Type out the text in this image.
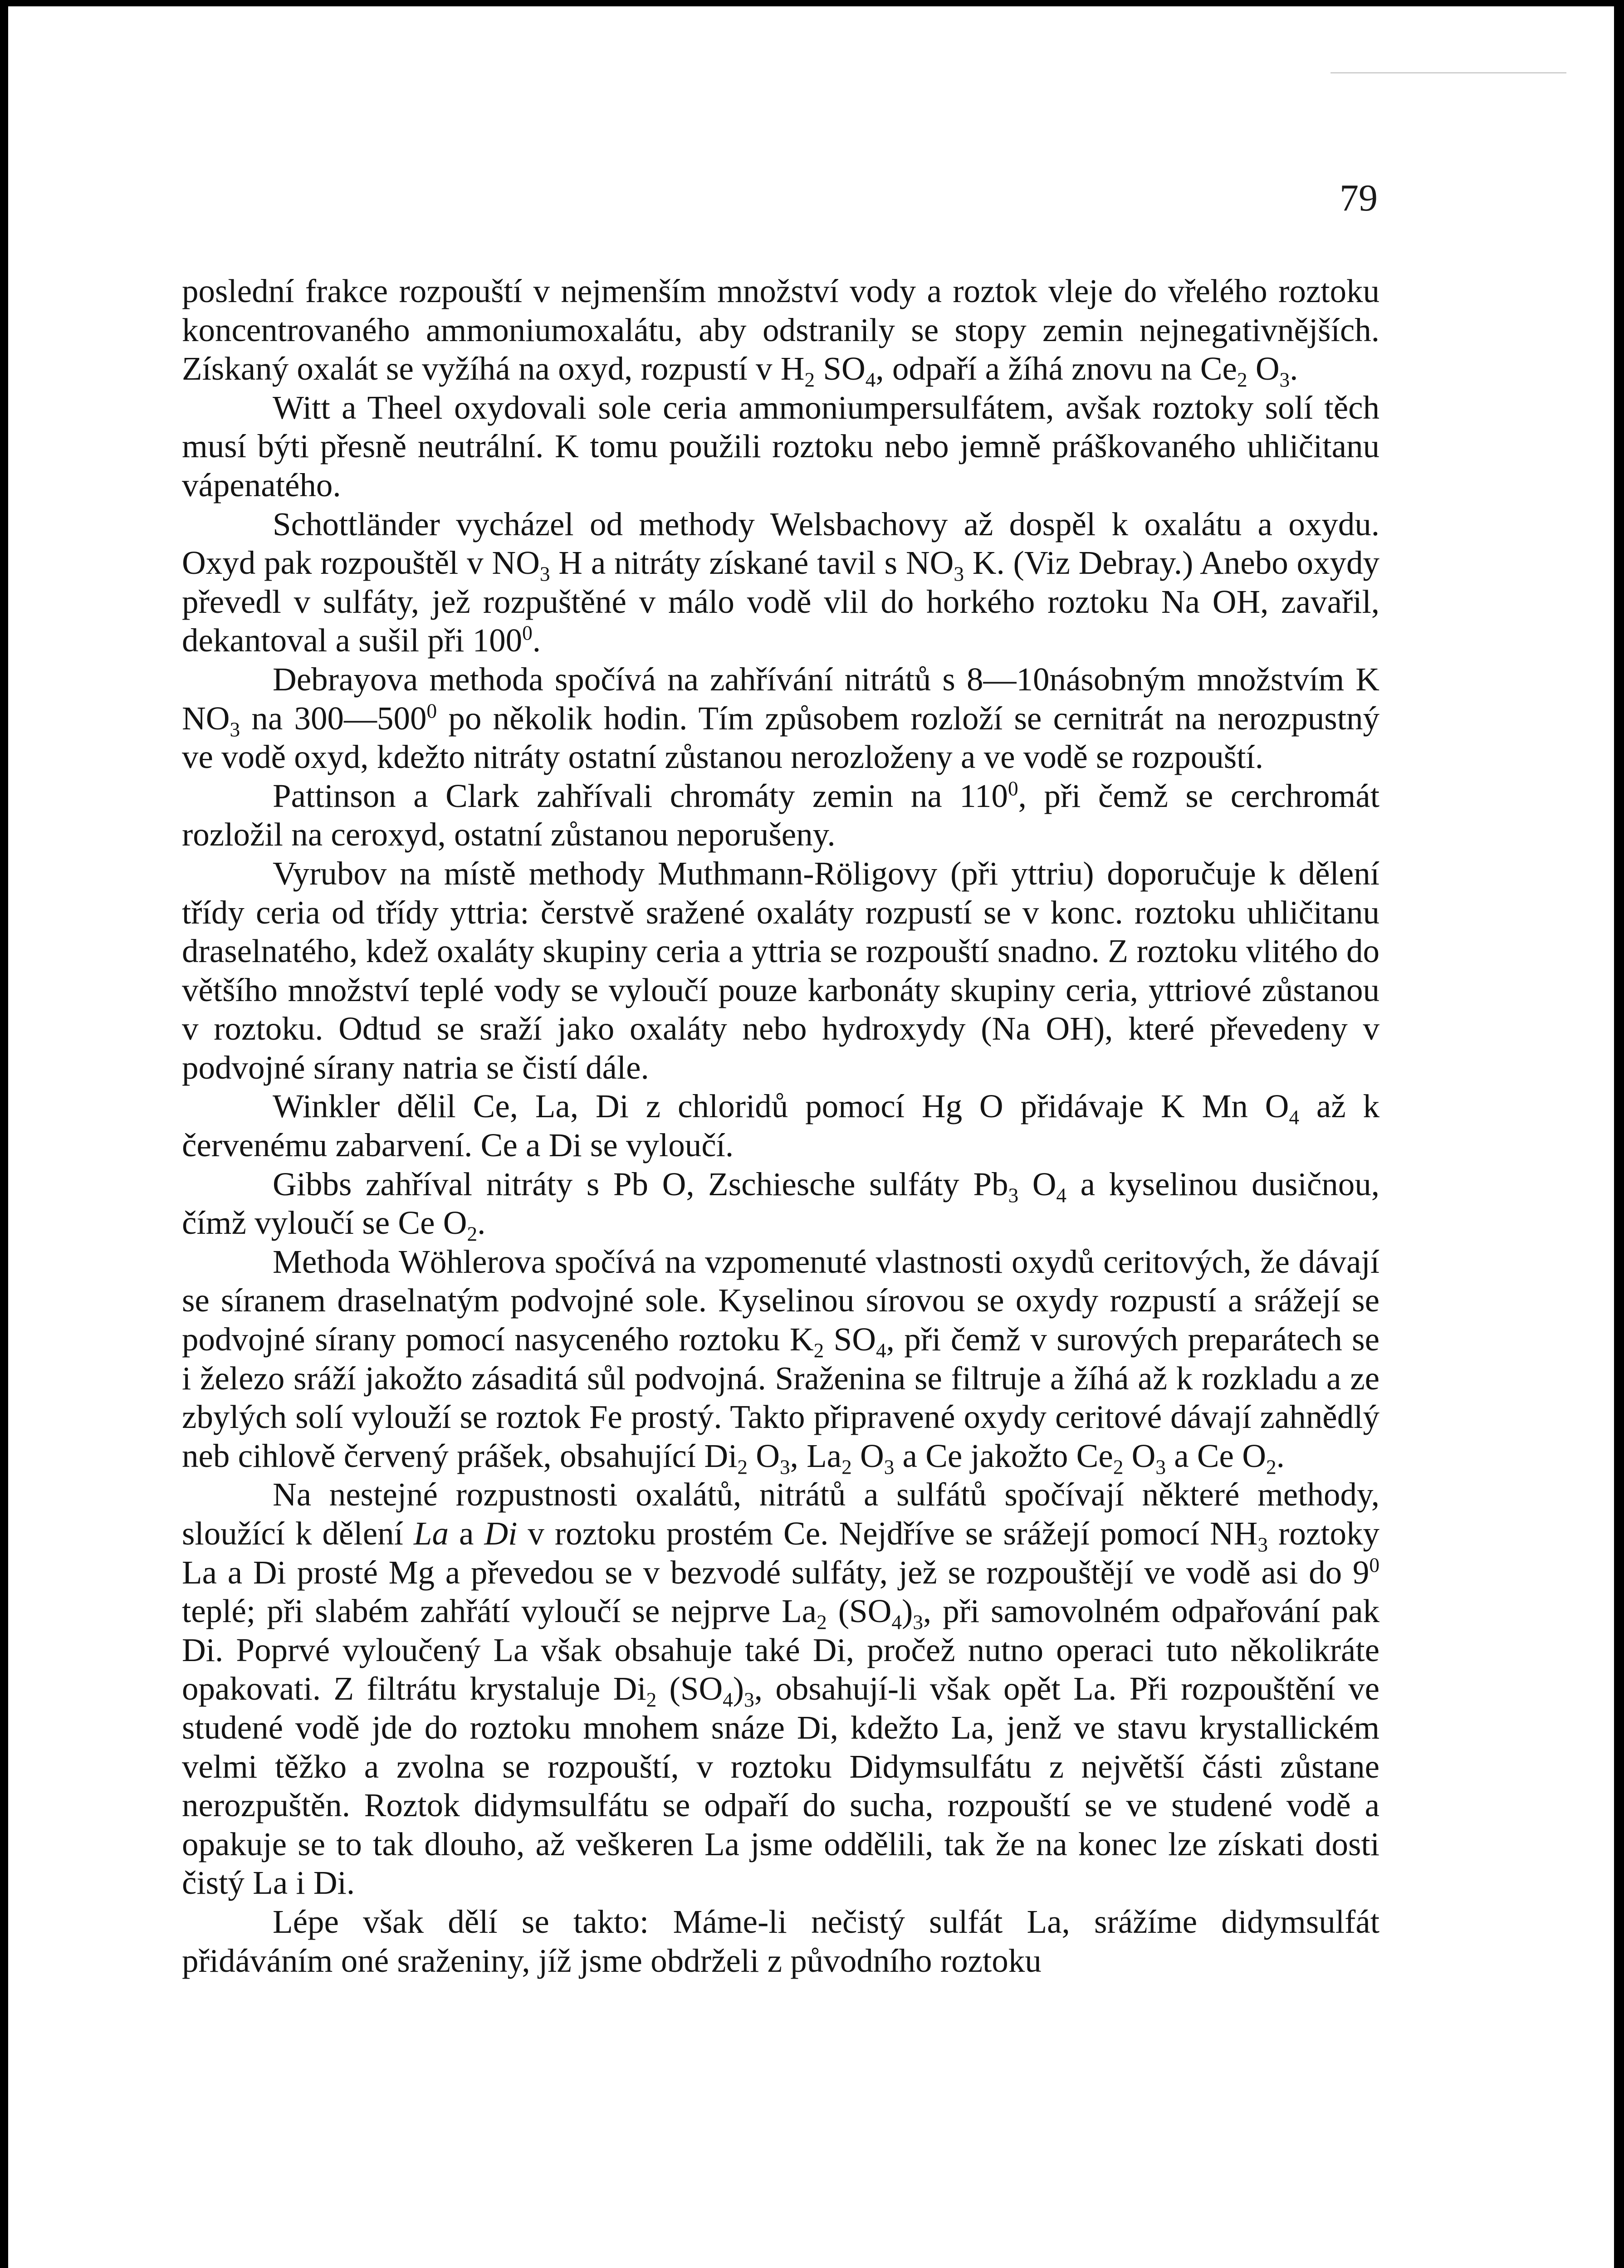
79

poslední frakce rozpouští v nejmenším množství vody a roztok vleje do vřelého roztoku koncentrovaného ammoniumoxalátu, aby odstranily se stopy zemin nejnegativnějších. Získaný oxalát se vyžíhá na oxyd, rozpustí v $H_2$ $SO_4$, odpaří a žíhá znovu na $Ce_2$ $O_3$.

Witt a Theel oxydovali sole ceria ammoniumpersulfátem, avšak roztoky solí těch musí býti přesně neutrální. K tomu použili roztoku nebo jemně práškovaného uhličitanu vápenatého.

Schottländer vycházel od methody Welsbachovy až dospěl k oxalátu a oxydu. Oxyd pak rozpouštěl v $NO_3$ H a nitráty získané tavil s $NO_3$ K. (Viz Debray.) Anebo oxydy převedl v sulfáty, jež rozpuštěné v málo vodě vlil do horkého roztoku Na OH, zavařil, dekantoval a sušil při $100^0$.

Debrayova methoda spočívá na zahřívání nitrátů s 8—10násobným množstvím K $NO_3$ na $300—500^0$ po několik hodin. Tím způsobem rozloží se cernitrát na nerozpustný ve vodě oxyd, kdežto nitráty ostatní zůstanou nerozloženy a ve vodě se rozpouští.

Pattinson a Clark zahřívali chromáty zemin na $110^0$, při čemž se cerchromát rozložil na ceroxyd, ostatní zůstanou neporušeny.

Vyrubov na místě methody Muthmann-Röligovy (při yttriu) doporučuje k dělení třídy ceria od třídy yttria: čerstvě sražené oxaláty rozpustí se v konc. roztoku uhličitanu draselnatého, kdež oxaláty skupiny ceria a yttria se rozpouští snadno. Z roztoku vlitého do většího množství teplé vody se vyloučí pouze karbonáty skupiny ceria, yttriové zůstanou v roztoku. Odtud se sraží jako oxaláty nebo hydroxydy (Na OH), které převedeny v podvojné sírany natria se čistí dále.

Winkler dělil Ce, La, Di z chloridů pomocí Hg O přidávaje K Mn $O_4$ až k červenému zabarvení. Ce a Di se vyloučí.

Gibbs zahříval nitráty s Pb O, Zschiesche sulfáty $Pb_3$ $O_4$ a kyselinou dusičnou, čímž vyloučí se Ce $O_2$.

Methoda Wöhlerova spočívá na vzpomenuté vlastnosti oxydů ceritových, že dávají se síranem draselnatým podvojné sole. Kyselinou sírovou se oxydy rozpustí a srážejí se podvojné sírany pomocí nasyceného roztoku $K_2$ $SO_4$, při čemž v surových preparátech se i železo sráží jakožto zásaditá sůl podvojná. Sraženina se filtruje a žíhá až k rozkladu a ze zbylých solí vylouží se roztok Fe prostý. Takto připravené oxydy ceritové dávají zahnědlý neb cihlově červený prášek, obsahující $Di_2$ $O_3$, $La_2$ $O_3$ a Ce jakožto $Ce_2$ $O_3$ a Ce $O_2$.

Na nestejné rozpustnosti oxalátů, nitrátů a sulfátů spočívají některé methody, sloužící k dělení La a Di v roztoku prostém Ce. Nejdříve se srážejí pomocí $NH_3$ roztoky La a Di prosté Mg a převedou se v bezvodé sulfáty, jež se rozpouštějí ve vodě asi do $9^0$ teplé; při slabém zahřátí vyloučí se nejprve $La_2$ $(SO_4)_3$, při samovolném odpařování pak Di. Poprvé vyloučený La však obsahuje také Di, pročež nutno operaci tuto několikráte opakovati. Z filtrátu krystaluje $Di_2$ $(SO_4)_3$, obsahují-li však opět La. Při rozpouštění ve studené vodě jde do roztoku mnohem snáze Di, kdežto La, jenž ve stavu krystallickém velmi těžko a zvolna se rozpouští, v roztoku Didymsulfátu z největší části zůstane nerozpuštěn. Roztok didymsulfátu se odpaří do sucha, rozpouští se ve studené vodě a opakuje se to tak dlouho, až veškeren La jsme oddělili, tak že na konec lze získati dosti čistý La i Di.

Lépe však dělí se takto: Máme-li nečistý sulfát La, srážíme didymsulfát přidáváním oné sraženiny, jíž jsme obdrželi z původního roztoku
